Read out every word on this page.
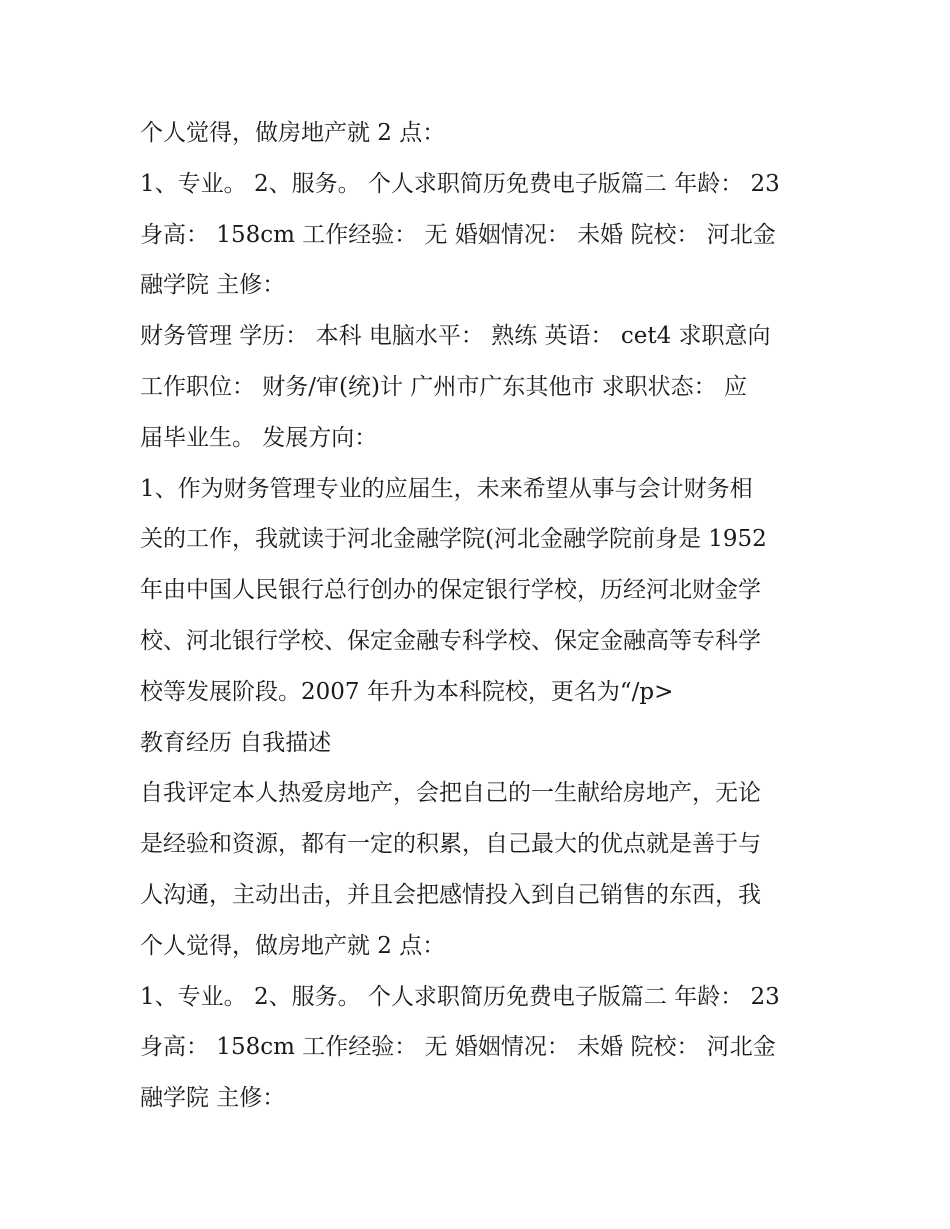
个人觉得，做房地产就 2 点：

1、专业。 2、服务。 个人求职简历免费电子版篇二 年龄： 23

身高： 158cm 工作经验： 无 婚姻情况： 未婚 院校： 河北金

融学院 主修：

财务管理 学历： 本科 电脑水平： 熟练 英语： cet4 求职意向

工作职位： 财务/审(统)计 广州市广东其他市 求职状态： 应

届毕业生。 发展方向：

1、作为财务管理专业的应届生，未来希望从事与会计财务相

关的工作，我就读于河北金融学院(河北金融学院前身是 1952

年由中国人民银行总行创办的保定银行学校，历经河北财金学

校、河北银行学校、保定金融专科学校、保定金融高等专科学

校等发展阶段。2007 年升为本科院校，更名为“/p>

教育经历 自我描述

自我评定本人热爱房地产，会把自己的一生献给房地产，无论

是经验和资源，都有一定的积累，自己最大的优点就是善于与

人沟通，主动出击，并且会把感情投入到自己销售的东西，我

个人觉得，做房地产就 2 点：

1、专业。 2、服务。 个人求职简历免费电子版篇二 年龄： 23

身高： 158cm 工作经验： 无 婚姻情况： 未婚 院校： 河北金

融学院 主修：
